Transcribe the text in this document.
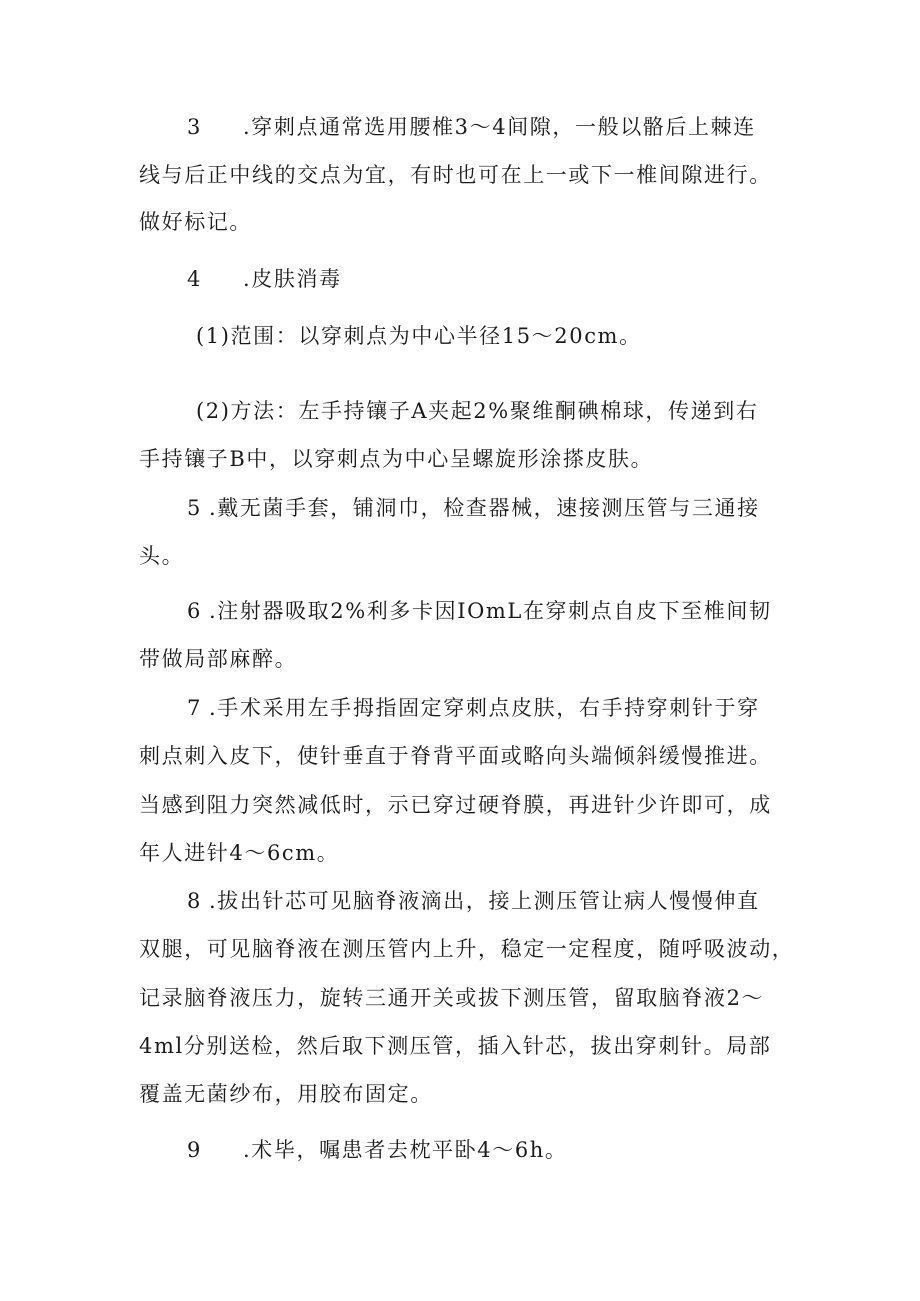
3 .穿刺点通常选用腰椎3～4间隙，一般以骼后上棘连
线与后正中线的交点为宜，有时也可在上一或下一椎间隙进行。
做好标记。
4 .皮肤消毒
(1)范围：以穿刺点为中心半径15～20cm。
(2)方法：左手持镶子A夹起2%聚维酮碘棉球，传递到右
手持镶子B中，以穿刺点为中心呈螺旋形涂搽皮肤。
5 .戴无菌手套，铺洞巾，检查器械，速接测压管与三通接
头。
6 .注射器吸取2%利多卡因IOmL在穿刺点自皮下至椎间韧
带做局部麻醉。
7 .手术采用左手拇指固定穿刺点皮肤，右手持穿刺针于穿
刺点刺入皮下，使针垂直于脊背平面或略向头端倾斜缓慢推进。
当感到阻力突然减低时，示已穿过硬脊膜，再进针少许即可，成
年人进针4～6cm。
8 .拔出针芯可见脑脊液滴出，接上测压管让病人慢慢伸直
双腿，可见脑脊液在测压管内上升，稳定一定程度，随呼吸波动，
记录脑脊液压力，旋转三通开关或拔下测压管，留取脑脊液2～
4ml分别送检，然后取下测压管，插入针芯，拔出穿刺针。局部
覆盖无菌纱布，用胶布固定。
9 .术毕，嘱患者去枕平卧4～6h。
